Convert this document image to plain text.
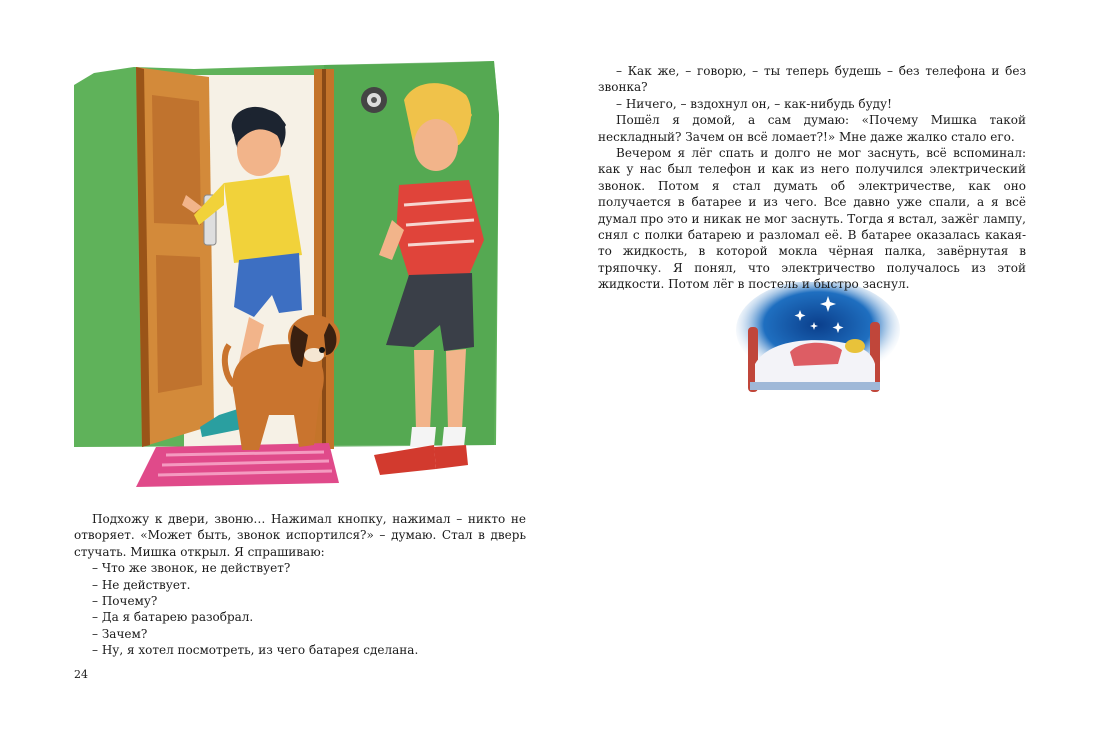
Подхожу к двери, звоню… Нажимал кнопку, нажимал – никто не отворяет. «Может быть, звонок испортился?» – думаю. Стал в дверь стучать. Мишка открыл. Я спрашиваю:

– Что же звонок, не действует?

– Не действует.

– Почему?

– Да я батарею разобрал.

– Зачем?

– Ну, я хотел посмотреть, из чего батарея сделана.

– Как же, – говорю, – ты теперь будешь – без телефона и без звонка?

– Ничего, – вздохнул он, – как-нибудь буду!

Пошёл я домой, а сам думаю: «Почему Мишка такой нескладный? Зачем он всё ломает?!» Мне даже жалко стало его.

Вечером я лёг спать и долго не мог заснуть, всё вспоминал: как у нас был телефон и как из него получился электрический звонок. Потом я стал думать об электричестве, как оно получается в батарее и из чего. Все давно уже спали, а я всё думал про это и никак не мог заснуть. Тогда я встал, зажёг лампу, снял с полки батарею и разломал её. В батарее оказалась какая-то жидкость, в которой мокла чёрная палка, завёрнутая в тряпочку. Я понял, что электричество получалось из этой жидкости. Потом лёг в постель и быстро заснул.

24
